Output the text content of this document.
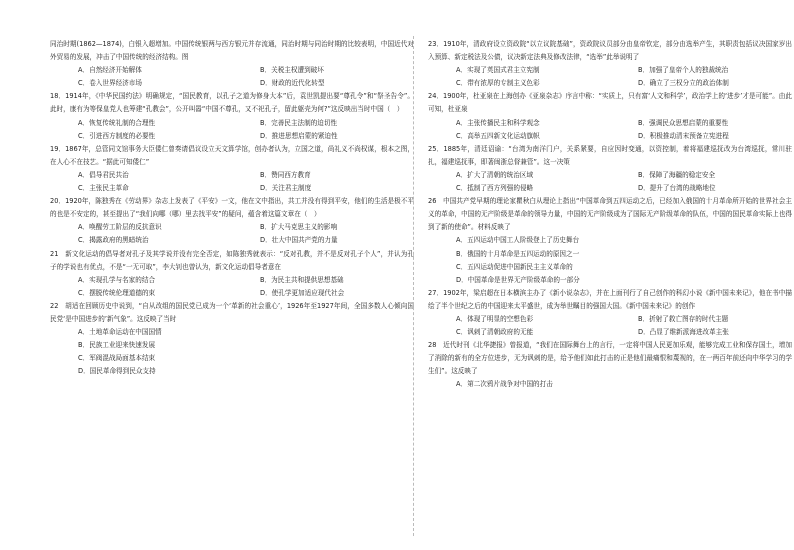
同治时期(1862—1874)，白银入超增加。中国传统银两与西方银元并存流通，同治时期与同治时期的比较表明，中国近代对外贸易的发展，冲击了中国传统的经济结构。图

A．自然经济开始解体	B．关税主权遭到破坏
C．卷入世界经济市场	D．财政的近代化转型

18．1914年，《中华民国约法》明确规定，“国民教育，以孔子之道为修身大本”后，袁世凯提出要“尊孔令”和“祭圣告令”。此时，康有为等保皇党人也筹建“孔教会”，公开叫嚣“中国不尊孔，又不祀孔子，留此躯壳为何?”这反映出当时中国（　）

A．恢复传统礼制的合理性	B．完善民主法制的迫切性
C．引进西方制度的必要性	D．推进思想启蒙的紧迫性

19．1867年，总管同文馆事务大臣倭仁曾奏请倡议设立天文算学馆，创办者认为，立国之道，尚礼义不尚权谋，根本之图，在人心不在技艺。“据此可知倭仁”

A．倡导君民共治	B．赞同西方教育
C．主张民主革命	D．关注君主制度

20．1920年，陈独秀在《劳动界》杂志上发表了《平安》一文，他在文中指出，共工并没有得到平安，他们的生活是极不平的也是不安定的，甚至提出了“我们向哪（哪）里去找平安”的疑问，蕴含着这篇文章在（　）

A．唤醒劳工阶层的反抗意识	B．扩大马克思主义的影响
C．揭露政府的黑暗统治	D．壮大中国共产党的力量

21　新文化运动的倡导者对孔子及其学说并没有完全否定，如陈独秀就表示：“反对孔教，并不是反对孔子个人”，并认为孔子的学说也有优点，不是“一无可取”，李大钊也曾认为，新文化运动倡导者意在

A．实现孔学与名家的结合	B．为民主共和提供思想基础
C．摆脱传统伦理道德的束	D．使孔学更加适应现代社会

22　胡适在回顾历史中说到，“自从改组的国民党已成为一个‘革新的社会重心’，1926年至1927年间，全国多数人心倾向国民党‘是中国进步的’新气象”。这反映了当时

A．土地革命运动在中国国情
B．民族工业迎来快速发展
C．军阀混战局面基本结束
D．国民革命得到民众支持

23．1910年，清政府设立资政院“以立议院基础”，资政院议员部分由皇帝钦定，部分由选举产生，其职责包括议决国家岁出入预算、新定税法及公债，议决新定法典及修改法律，“选举”此举说明了

A．实现了英国式君主立宪制	B．加强了皇帝个人的独裁统治
C．带有浓厚的专制主义色彩	D．确立了三权分立的政治体制

24．1900年，杜亚泉在上海创办《亚泉杂志》序言中称：“实质上，只有富‘人文和科学’，政治学上的‘进步’才是可能”。由此可知，杜亚泉

A．主张传播民主和科学观念	B．强调民众思想启蒙的重要性
C．高举五四新文化运动旗帜	D．积极推动清末预备立宪进程

25．1885年，清廷诏谕：“台湾为南洋门户，关系紧要，自应因时变通，以资控制，着将福建巡抚改为台湾巡抚，常川驻扎，福建巡抚事，即著闽浙总督兼管”。这一决策

A．扩大了清朝的统治区域	B．保障了海疆的稳定安全
C．抵制了西方列强的侵略	D．提升了台湾的战略地位

26　中国共产党早期的理论家瞿秋白从理论上指出“中国革命到五四运动之后，已经加入俄国的十月革命所开始的世界社会主义的革命，中国的无产阶级是革命的领导力量，中国的无产阶级成为了国际无产阶级革命的队伍，中国的国民革命实际上也得到了新的使命”。材料反映了

A．五四运动中国工人阶级登上了历史舞台
B．俄国的十月革命是五四运动的原因之一
C．五四运动促进中国新民主主义革命的
D．中国革命是世界无产阶级革命的一部分

27．1902年，梁启超在日本横滨主办了《新小说杂志》，并在上面刊行了自己创作的科幻小说《新中国未来记》，他在书中描绘了半个世纪之后的中国迎来太平盛世，成为举世瞩目的强国大国。《新中国未来记》的创作

A．体现了明显的空想色彩	B．折射了救亡图存的时代主题
C．讽刺了清朝政府的无能	D．凸显了维新派海进改革主张

28　近代时刊《北华捷报》曾报道，“我们在国际舞台上的言行，一定将中国人民更加乐观，能够完成工业和保存国土，增加了消除的新有的全方位进步，无为讽刺的是，给予他们如此打击的正是他们最痛恨和蔑视的，在一两百年前还向中华学习的学生们”。这反映了

A．第二次鸦片战争对中国的打击
